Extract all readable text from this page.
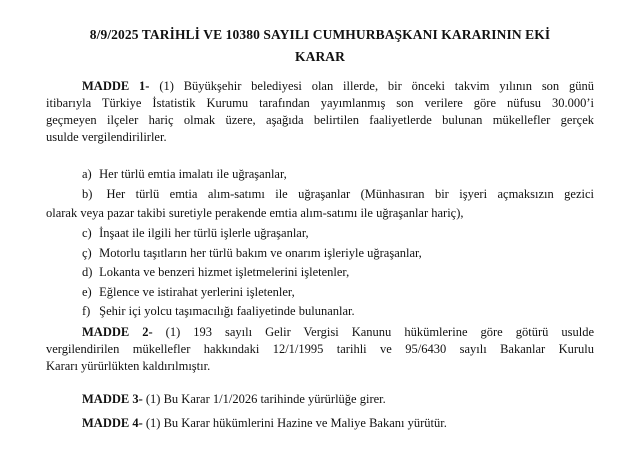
8/9/2025 TARİHLİ VE 10380 SAYILI CUMHURBAŞKANI KARARININ EKİ
KARAR
MADDE 1- (1) Büyükşehir belediyesi olan illerde, bir önceki takvim yılının son günü
itibarıyla Türkiye İstatistik Kurumu tarafından yayımlanmış son verilere göre nüfusu 30.000’i
geçmeyen ilçeler hariç olmak üzere, aşağıda belirtilen faaliyetlerde bulunan mükellefler gerçek
usulde vergilendirilirler.
a) Her türlü emtia imalatı ile uğraşanlar,
b) Her türlü emtia alım-satımı ile uğraşanlar (Münhasıran bir işyeri açmaksızın gezici
olarak veya pazar takibi suretiyle perakende emtia alım-satımı ile uğraşanlar hariç),
c) İnşaat ile ilgili her türlü işlerle uğraşanlar,
ç) Motorlu taşıtların her türlü bakım ve onarım işleriyle uğraşanlar,
d) Lokanta ve benzeri hizmet işletmelerini işletenler,
e) Eğlence ve istirahat yerlerini işletenler,
f) Şehir içi yolcu taşımacılığı faaliyetinde bulunanlar.
MADDE 2- (1) 193 sayılı Gelir Vergisi Kanunu hükümlerine göre götürü usulde
vergilendirilen mükellefler hakkındaki 12/1/1995 tarihli ve 95/6430 sayılı Bakanlar Kurulu
Kararı yürürlükten kaldırılmıştır.
MADDE 3- (1) Bu Karar 1/1/2026 tarihinde yürürlüğe girer.
MADDE 4- (1) Bu Karar hükümlerini Hazine ve Maliye Bakanı yürütür.
